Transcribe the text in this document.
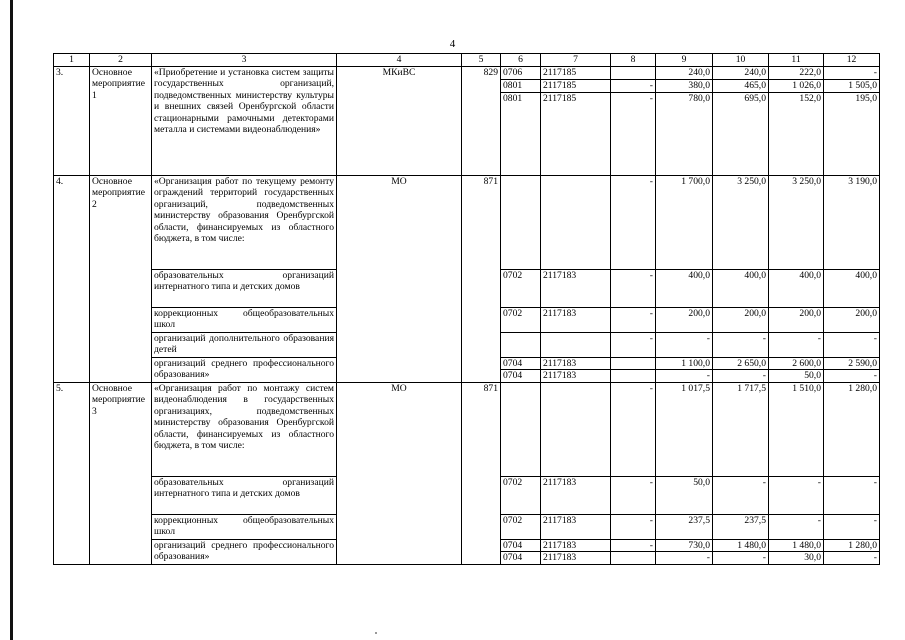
4
1	2	3	4	5	6	7	8	9	10	11	12
3.	Основное мероприятие 1	«Приобретение и установка систем защиты государственных организаций, подведомственных министерству культуры и внешних связей Оренбургской области стационарными рамочными детекторами металла и системами видеонаблюдения»	МКиВС	829	0706	2117185		240,0	240,0	222,0	-
					0801	2117185	-	380,0	465,0	1 026,0	1 505,0
					0801	2117185	-	780,0	695,0	152,0	195,0
4.	Основное мероприятие 2	«Организация работ по текущему ремонту ограждений территорий государственных организаций, подведомственных министерству образования Оренбургской области, финансируемых из областного бюджета, в том числе:	МО	871			-	1 700,0	3 250,0	3 250,0	3 190,0
		образовательных организаций интернатного типа и детских домов			0702	2117183	-	400,0	400,0	400,0	400,0
		коррекционных общеобразовательных школ			0702	2117183	-	200,0	200,0	200,0	200,0
		организаций дополнительного образования детей					-	-	-	-	-
		организаций среднего профессионального образования»			0704	2117183		1 100,0	2 650,0	2 600,0	2 590,0
					0704	2117183		-	-	50,0	-
5.	Основное мероприятие 3	«Организация работ по монтажу систем видеонаблюдения в государственных организациях, подведомственных министерству образования Оренбургской области, финансируемых из областного бюджета, в том числе:	МО	871			-	1 017,5	1 717,5	1 510,0	1 280,0
		образовательных организаций интернатного типа и детских домов			0702	2117183	-	50,0	-	-	-
		коррекционных общеобразовательных школ			0702	2117183	-	237,5	237,5	-	-
		организаций среднего профессионального образования»			0704	2117183	-	730,0	1 480,0	1 480,0	1 280,0
					0704	2117183		-	-	30,0	-
